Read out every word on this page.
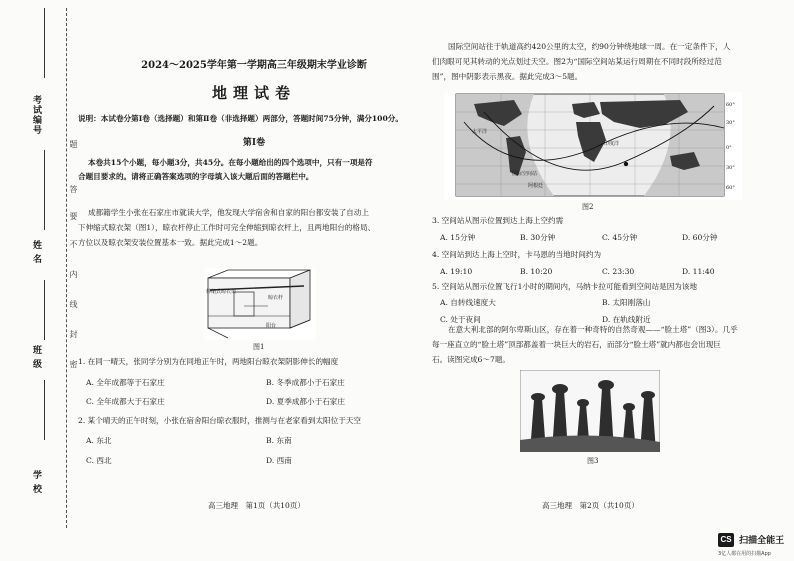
考试编号
姓 名
班 级
学 校
题
答
要
不
内
线
封
密
2024～2025学年第一学期高三年级期末学业诊断
地理试卷
说明：本试卷分第Ⅰ卷（选择题）和第Ⅱ卷（非选择题）两部分，答题时间75分钟，满分100分。
第Ⅰ卷
本卷共15个小题，每小题3分，共45分。在每小题给出的四个选项中，只有一项是符
合题目要求的。请将正确答案选项的字母填入该大题后面的答题栏中。
成都籍学生小张在石家庄市就读大学，他发现大学宿舍和自家的阳台都安装了自动上
下伸缩式晾衣架（图1），晾衣杆停止工作时可完全伸缩到晾衣杆上，且两地阳台的格局、
方位以及晾衣架安装位置基本一致。据此完成1～2题。
伸缩式晾衣架
晾衣杆
阳台
图1
1. 在同一晴天，张同学分别为在同地正午时，两地阳台晾衣架阴影伸长的幅度
A. 全年成都等于石家庄	B. 冬季成都小于石家庄
C. 全年成都大于石家庄	D. 夏季成都小于石家庄
2. 某个晴天的正午时刻，小张在宿舍阳台晾衣服时，推测与在老家看到太阳位于天空
A. 东北	B. 东南
C. 西北	D. 西南
高三地理　第1页（共10页）
国际空间站往于轨道高约420公里的太空，约90分钟绕地球一周。在一定条件下，人
们肉眼可见其转动的光点划过天空。图2为“国际空间站某运行周期在不同时段所经过范
围”，图中阴影表示黑夜。据此完成3～5题。
太平洋
印度洋
国际空间站
阿根廷
60°
30°
0°
30°
60°
图2
3. 空间站从图示位置到达上海上空约需
A. 15分钟	B. 30分钟	C. 45分钟	D. 60分钟
4. 空间站到达上海上空时，卡马恩的当地时间约为
A. 19:10	B. 10:20	C. 23:30	D. 11:40
5. 空间站从图示位置飞行1小时的期间内，马纳卡拉可能看到空间站是因为该地
A. 自转线速度大	B. 太阳刚落山
C. 处于夜间	D. 在轨线附近
在意大利北部的阿尔卑斯山区，存在着一种奇特的自然奇观——“脸土塔”（图3）。几乎
每一座直立的“脸土塔”顶部都盖着一块巨大的岩石，而部分“脸土塔”就内都也会出现巨
石。读图完成6～7题。
图3
高三地理　第2页（共10页）
CS 扫描全能王
3亿人都在用的扫描App
